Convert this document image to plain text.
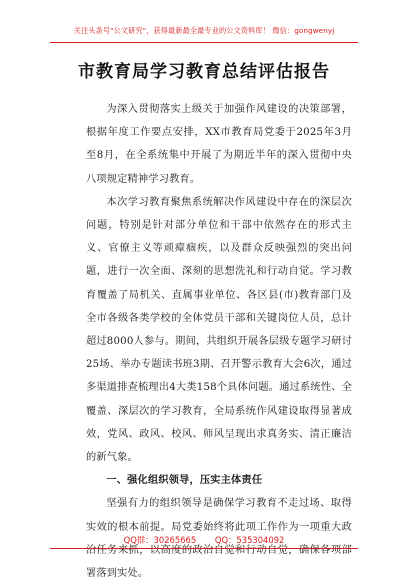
关注头条号"公文研究"，获得最新最全最专业的公文资料库！ 微信：gongwenyj
市教育局学习教育总结评估报告

为深入贯彻落实上级关于加强作风建设的决策部署，根据年度工作要点安排，XX市教育局党委于2025年3月至8月，在全系统集中开展了为期近半年的深入贯彻中央八项规定精神学习教育。

本次学习教育聚焦系统解决作风建设中存在的深层次问题，特别是针对部分单位和干部中依然存在的形式主义、官僚主义等顽瘴痼疾，以及群众反映强烈的突出问题，进行一次全面、深刻的思想洗礼和行动自觉。学习教育覆盖了局机关、直属事业单位、各区县(市)教育部门及全市各级各类学校的全体党员干部和关键岗位人员，总计超过8000人参与。期间，共组织开展各层级专题学习研讨25场、举办专题读书班3期、召开警示教育大会6次，通过多渠道排查梳理出4大类158个具体问题。通过系统性、全覆盖、深层次的学习教育，全局系统作风建设取得显著成效，党风、政风、校风、师风呈现出求真务实、清正廉洁的新气象。

一、强化组织领导，压实主体责任

坚强有力的组织领导是确保学习教育不走过场、取得实效的根本前提。局党委始终将此项工作作为一项重大政治任务来抓，以高度的政治自觉和行动自觉，确保各项部署落到实处。

QQ群：30265665 QQ：535304092
